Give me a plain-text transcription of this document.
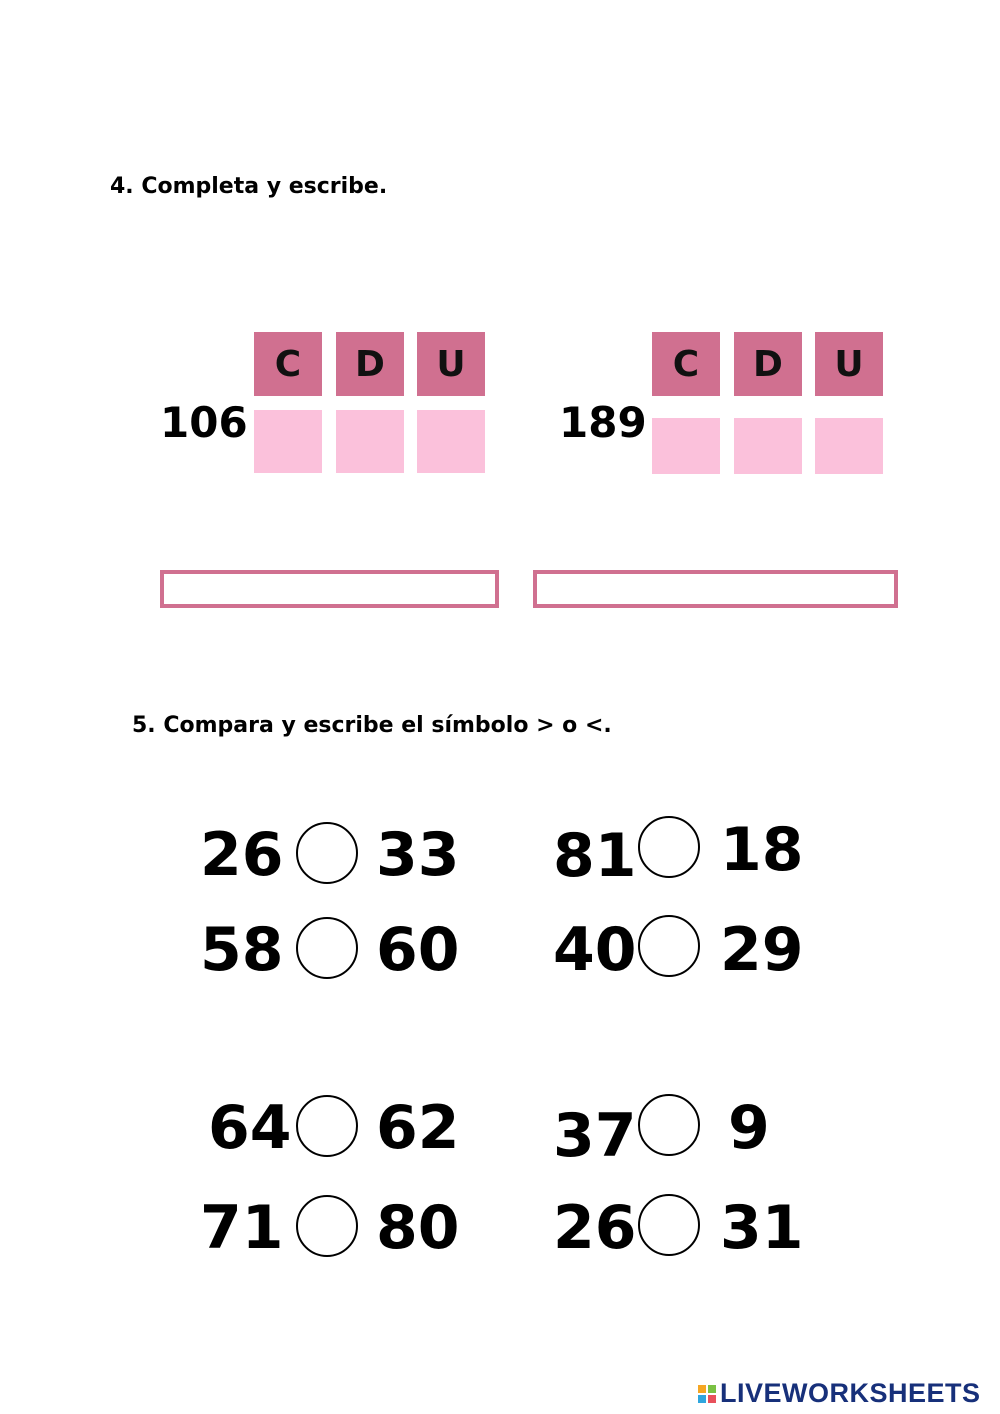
4. Completa y escribe.
106
C	D	U
189
C	D	U
5. Compara y escribe el símbolo > o <.
26 33
58 60
81 18
40 29
64 62
71 80
37 9
26 31
LIVEWORKSHEETS
